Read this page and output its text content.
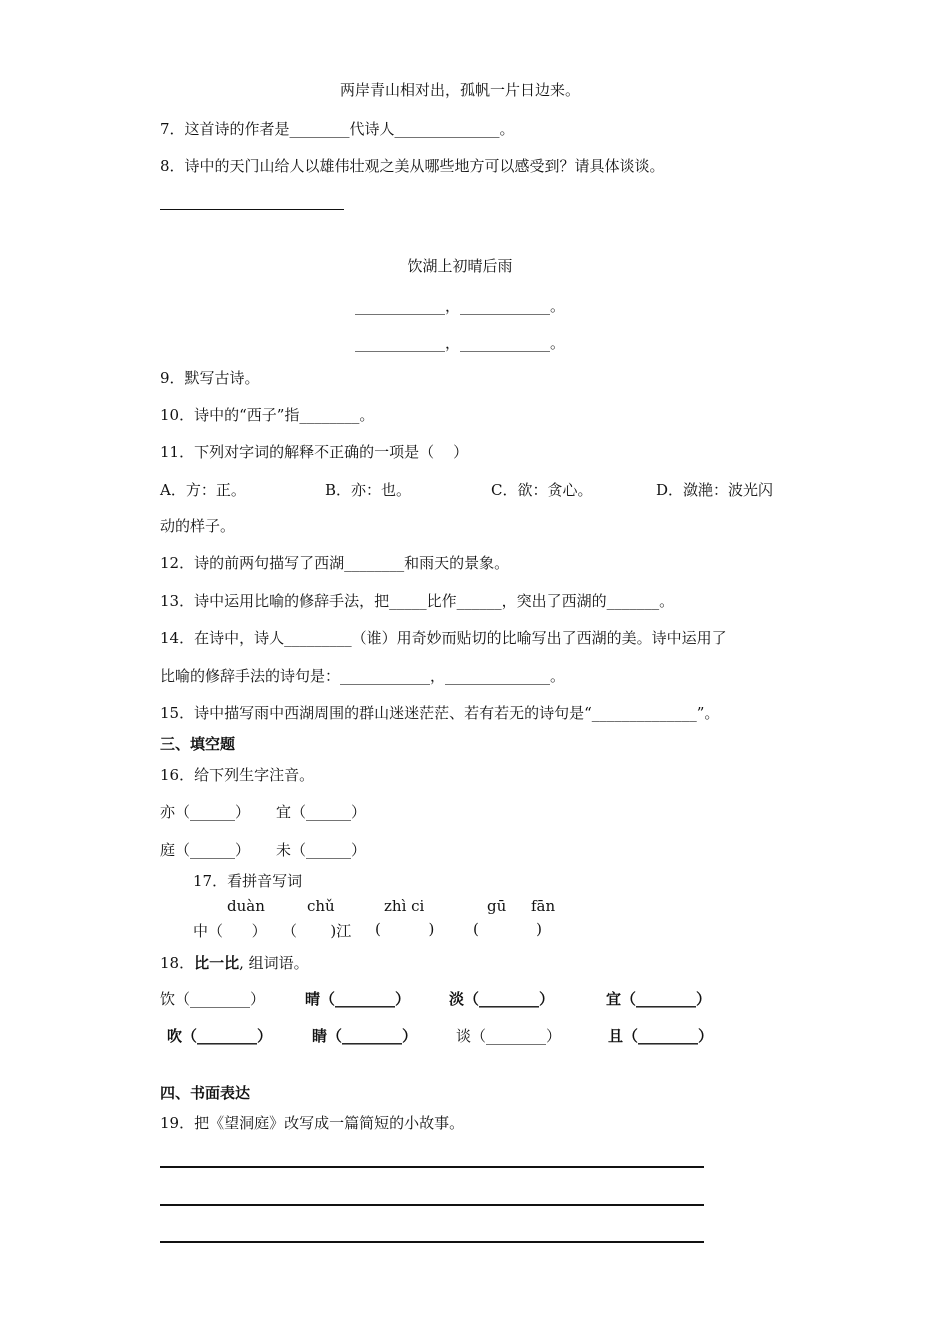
两岸青山相对出，孤帆一片日边来。
7．这首诗的作者是________代诗人______________。
8．诗中的天门山给人以雄伟壮观之美从哪些地方可以感受到？请具体谈谈。
饮湖上初晴后雨
____________，____________。
____________，____________。
9．默写古诗。
10．诗中的“西子”指________。
11．下列对字词的解释不正确的一项是（    ）
A．方：正。	B．亦：也。	C．欲：贪心。	D．潋滟：波光闪
动的样子。
12．诗的前两句描写了西湖________和雨天的景象。
13．诗中运用比喻的修辞手法，把_____比作______，突出了西湖的_______。
14．在诗中，诗人_________（谁）用奇妙而贴切的比喻写出了西湖的美。诗中运用了
比喻的修辞手法的诗句是：____________，______________。
15．诗中描写雨中西湖周围的群山迷迷茫茫、若有若无的诗句是“______________”。
三、填空题
16．给下列生字注音。
亦（______） 宜（______）
庭（______） 未（______）
17．看拼音写词
duàn	chǔ	zhì ci	gū fān
中（      ） （       )江 (          )	(            )
18．比一比, 组词语。
饮（________）	晴（________）	淡（________）	宜（________）
吹（________）	睛（________）	谈（________）	且（________）
四、书面表达
19．把《望洞庭》改写成一篇简短的小故事。
